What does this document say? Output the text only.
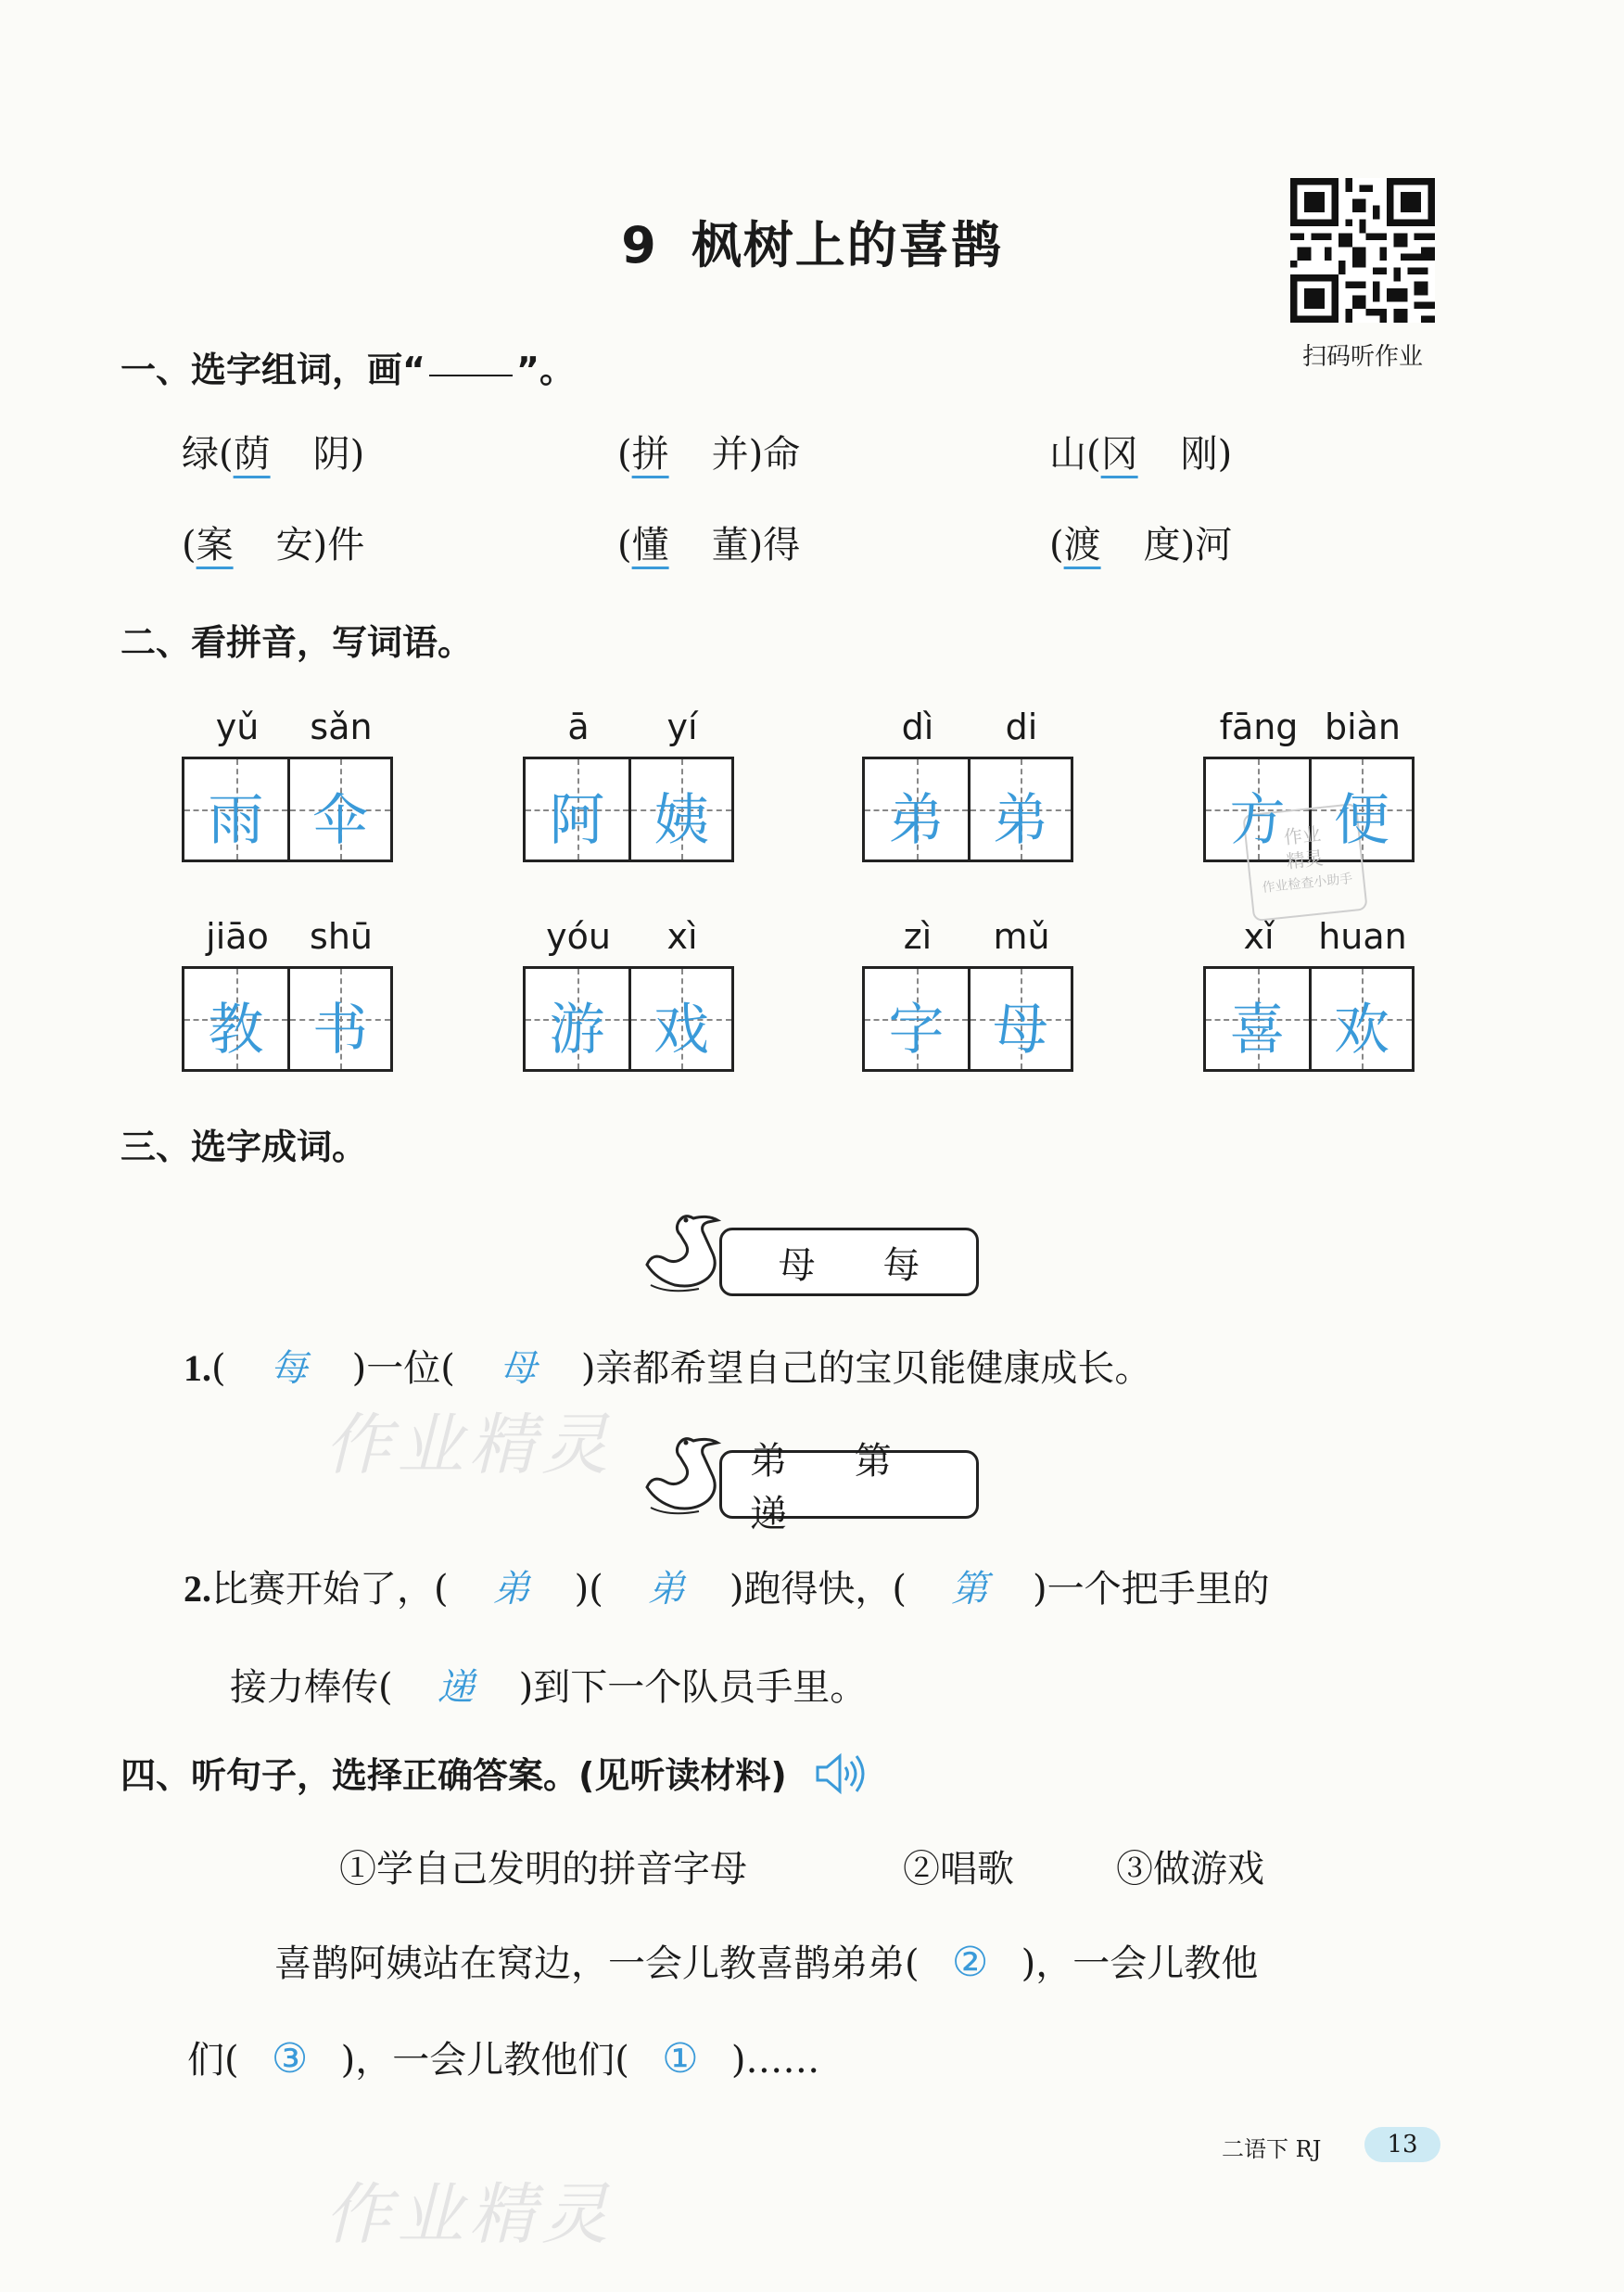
9 枫树上的喜鹊
扫码听作业
一、选字组词，画“	”。
绿(荫 阴)	(拼 并)命	山(冈 刚)
(案 安)件	(懂 董)得	(渡 度)河
二、看拼音，写词语。
yǔ sǎn
雨 伞
ā yí
阿 姨
dì di
弟 弟
fāng biàn
方 便
jiāo shū
教 书
yóu xì
游 戏
zì mǔ
字 母
xǐ huan
喜 欢
作业
精灵
作业检查小助手
三、选字成词。
母 每
1.( 每 )一位( 母 )亲都希望自己的宝贝能健康成长。
弟 第 递
2.比赛开始了，( 弟 )( 弟 )跑得快，( 第 )一个把手里的
接力棒传( 递 )到下一个队员手里。
四、听句子，选择正确答案。(见听读材料)
①学自己发明的拼音字母	②唱歌	③做游戏
喜鹊阿姨站在窝边，一会儿教喜鹊弟弟( ② )，一会儿教他
们( ③ )，一会儿教他们( ① )……
作业精灵
作业精灵
二语下 RJ	13
